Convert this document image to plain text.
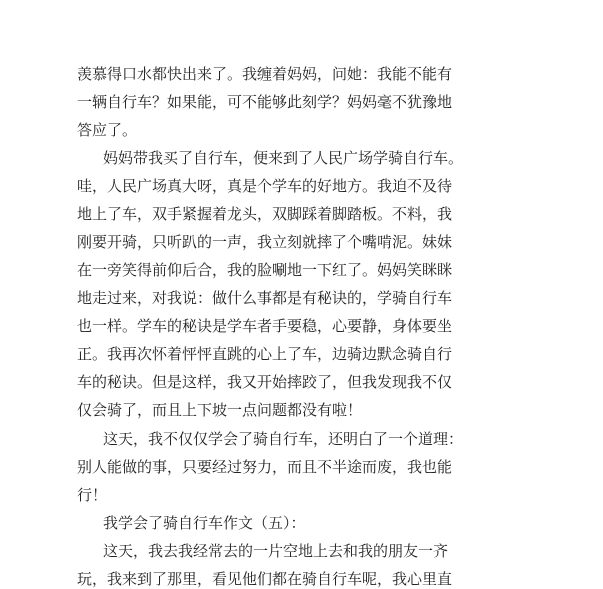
羡慕得口水都快出来了。我缠着妈妈，问她：我能不能有
一辆自行车？如果能，可不能够此刻学？妈妈毫不犹豫地
答应了。
妈妈带我买了自行车，便来到了人民广场学骑自行车。
哇，人民广场真大呀，真是个学车的好地方。我迫不及待
地上了车，双手紧握着龙头，双脚踩着脚踏板。不料，我
刚要开骑，只听趴的一声，我立刻就摔了个嘴啃泥。妹妹
在一旁笑得前仰后合，我的脸唰地一下红了。妈妈笑眯眯
地走过来，对我说：做什么事都是有秘诀的，学骑自行车
也一样。学车的秘诀是学车者手要稳，心要静，身体要坐
正。我再次怀着怦怦直跳的心上了车，边骑边默念骑自行
车的秘诀。但是这样，我又开始摔跤了，但我发现我不仅
仅会骑了，而且上下坡一点问题都没有啦！
这天，我不仅仅学会了骑自行车，还明白了一个道理：
别人能做的事，只要经过努力，而且不半途而废，我也能
行！
我学会了骑自行车作文（五）：
这天，我去我经常去的一片空地上去和我的朋友一齐
玩，我来到了那里，看见他们都在骑自行车呢，我心里直
